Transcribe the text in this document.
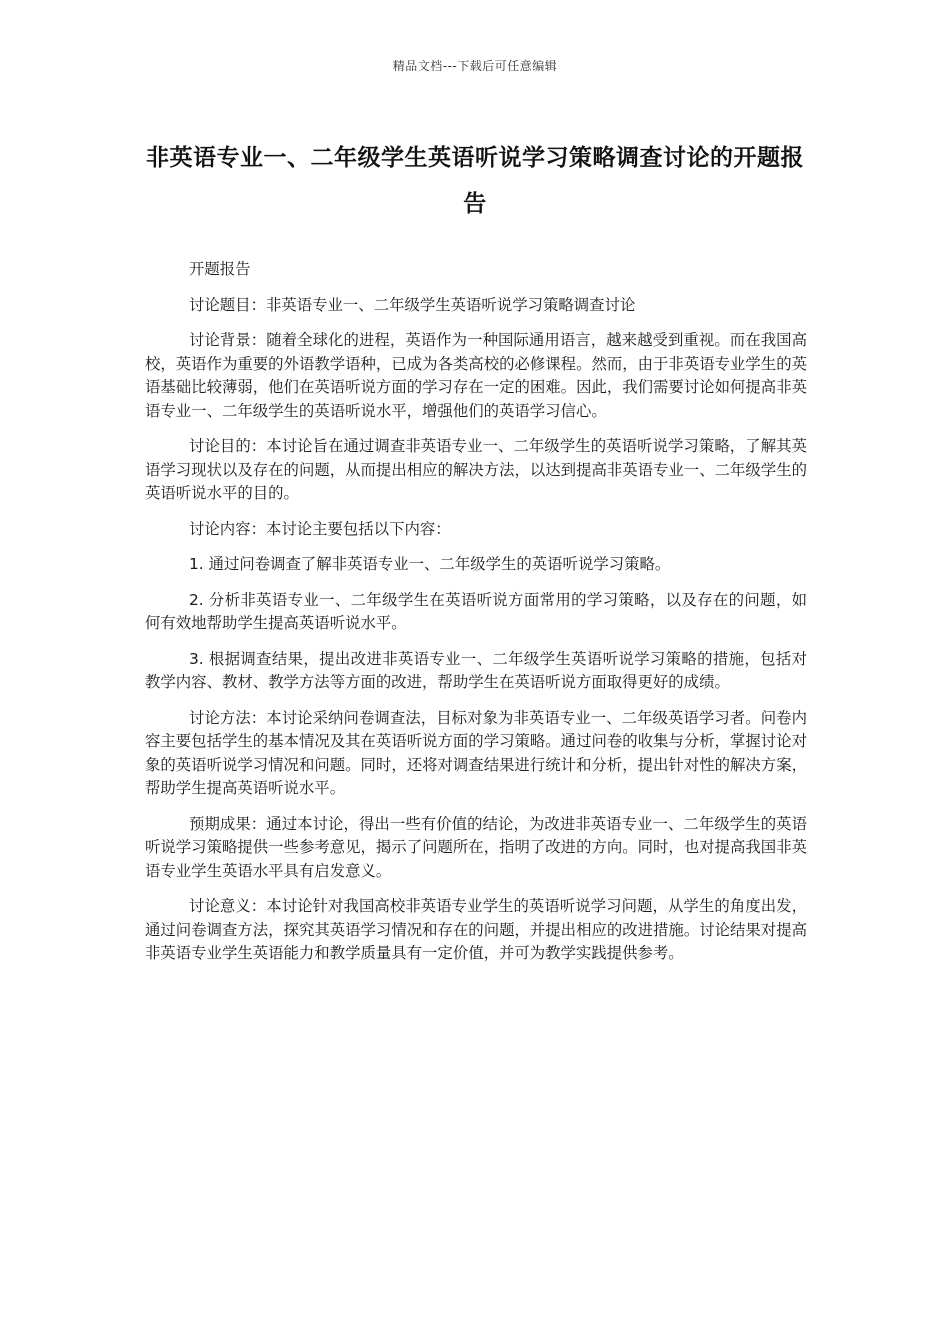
精品文档---下载后可任意编辑
非英语专业一、二年级学生英语听说学习策略调查讨论的开题报告

开题报告

讨论题目：非英语专业一、二年级学生英语听说学习策略调查讨论

讨论背景：随着全球化的进程，英语作为一种国际通用语言，越来越受到重视。而在我国高校，英语作为重要的外语教学语种，已成为各类高校的必修课程。然而，由于非英语专业学生的英语基础比较薄弱，他们在英语听说方面的学习存在一定的困难。因此，我们需要讨论如何提高非英语专业一、二年级学生的英语听说水平，增强他们的英语学习信心。

讨论目的：本讨论旨在通过调查非英语专业一、二年级学生的英语听说学习策略，了解其英语学习现状以及存在的问题，从而提出相应的解决方法，以达到提高非英语专业一、二年级学生的英语听说水平的目的。

讨论内容：本讨论主要包括以下内容：

1. 通过问卷调查了解非英语专业一、二年级学生的英语听说学习策略。

2. 分析非英语专业一、二年级学生在英语听说方面常用的学习策略，以及存在的问题，如何有效地帮助学生提高英语听说水平。

3. 根据调查结果，提出改进非英语专业一、二年级学生英语听说学习策略的措施，包括对教学内容、教材、教学方法等方面的改进，帮助学生在英语听说方面取得更好的成绩。

讨论方法：本讨论采纳问卷调查法，目标对象为非英语专业一、二年级英语学习者。问卷内容主要包括学生的基本情况及其在英语听说方面的学习策略。通过问卷的收集与分析，掌握讨论对象的英语听说学习情况和问题。同时，还将对调查结果进行统计和分析，提出针对性的解决方案，帮助学生提高英语听说水平。

预期成果：通过本讨论，得出一些有价值的结论，为改进非英语专业一、二年级学生的英语听说学习策略提供一些参考意见，揭示了问题所在，指明了改进的方向。同时，也对提高我国非英语专业学生英语水平具有启发意义。

讨论意义：本讨论针对我国高校非英语专业学生的英语听说学习问题，从学生的角度出发，通过问卷调查方法，探究其英语学习情况和存在的问题，并提出相应的改进措施。讨论结果对提高非英语专业学生英语能力和教学质量具有一定价值，并可为教学实践提供参考。
